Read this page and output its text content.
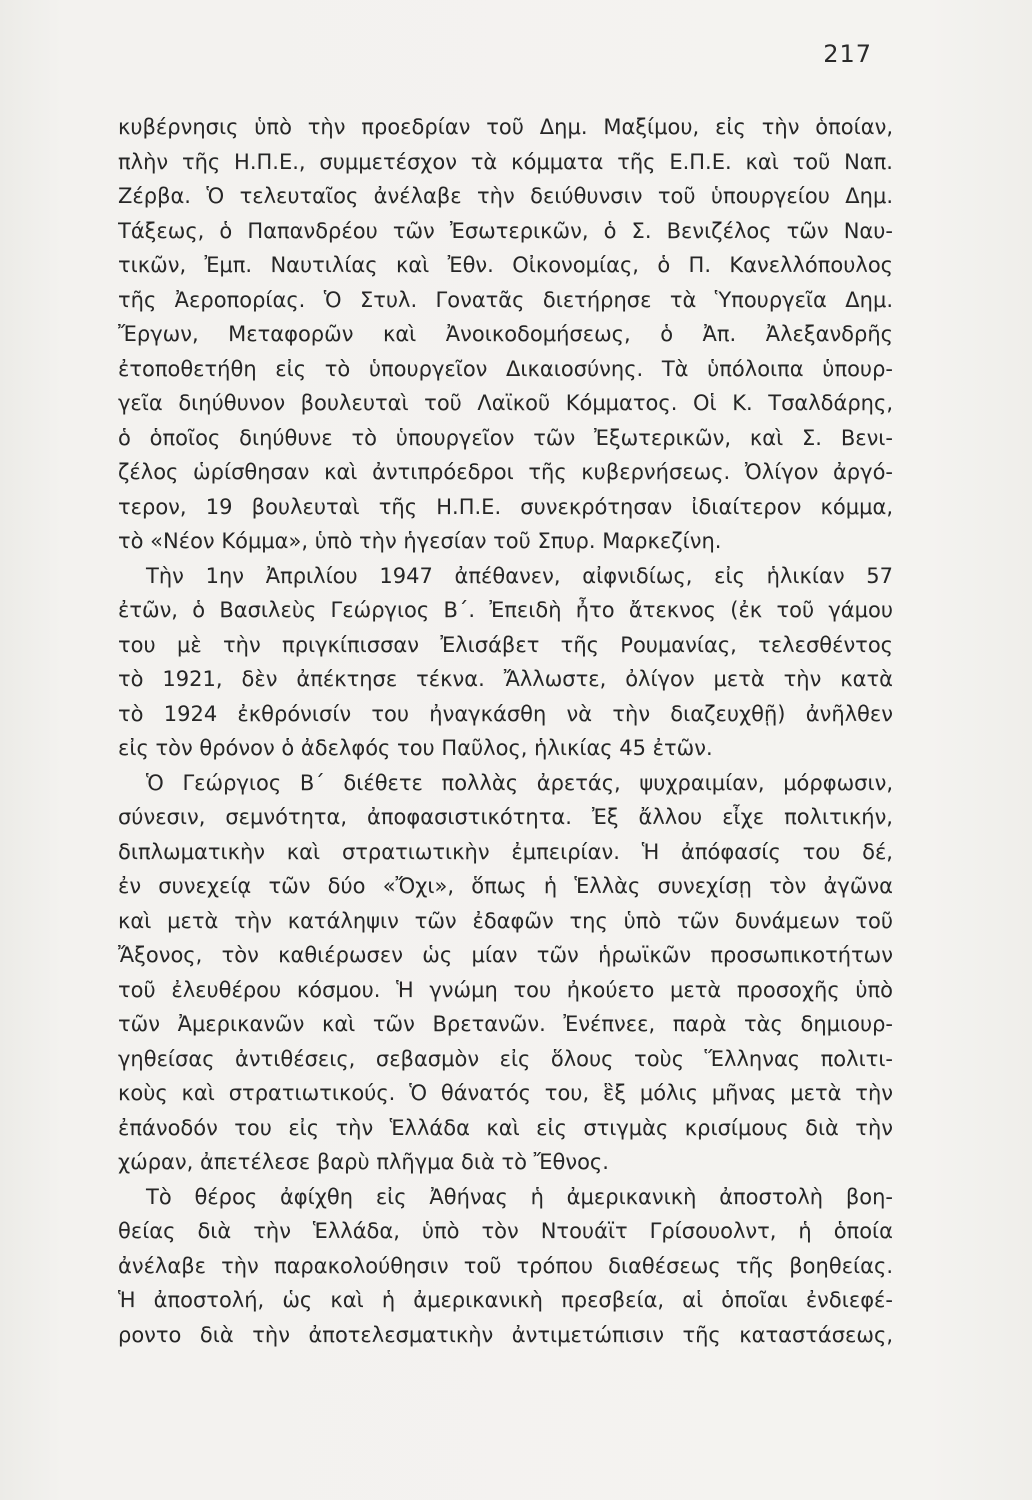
217
κυβέρνησις ὑπὸ τὴν προεδρίαν τοῦ Δημ. Μαξίμου, εἰς τὴν ὁποίαν,
πλὴν τῆς Η.Π.Ε., συμμετέσχον τὰ κόμματα τῆς Ε.Π.Ε. καὶ τοῦ Ναπ.
Ζέρβα. Ὁ τελευταῖος ἀνέλαβε τὴν δειύθυνσιν τοῦ ὑπουργείου Δημ.
Τάξεως, ὁ Παπανδρέου τῶν Ἐσωτερικῶν, ὁ Σ. Βενιζέλος τῶν Ναυ-
τικῶν, Ἐμπ. Ναυτιλίας καὶ Ἐθν. Οἰκονομίας, ὁ Π. Κανελλόπουλος
τῆς Ἀεροπορίας. Ὁ Στυλ. Γονατᾶς διετήρησε τὰ Ὑπουργεῖα Δημ.
Ἔργων, Μεταφορῶν καὶ Ἀνοικοδομήσεως, ὁ Ἀπ. Ἀλεξανδρῆς
ἐτοποθετήθη εἰς τὸ ὑπουργεῖον Δικαιοσύνης. Τὰ ὑπόλοιπα ὑπουρ-
γεῖα διηύθυνον βουλευταὶ τοῦ Λαϊκοῦ Κόμματος. Οἱ Κ. Τσαλδάρης,
ὁ ὁποῖος διηύθυνε τὸ ὑπουργεῖον τῶν Ἐξωτερικῶν, καὶ Σ. Βενι-
ζέλος ὡρίσθησαν καὶ ἀντιπρόεδροι τῆς κυβερνήσεως. Ὀλίγον ἀργό-
τερον, 19 βουλευταὶ τῆς Η.Π.Ε. συνεκρότησαν ἰδιαίτερον κόμμα,
τὸ «Νέον Κόμμα», ὑπὸ τὴν ἡγεσίαν τοῦ Σπυρ. Μαρκεζίνη.
Τὴν 1ην Ἀπριλίου 1947 ἀπέθανεν, αἰφνιδίως, εἰς ἡλικίαν 57
ἐτῶν, ὁ Βασιλεὺς Γεώργιος Β΄. Ἐπειδὴ ἦτο ἄτεκνος (ἐκ τοῦ γάμου
του μὲ τὴν πριγκίπισσαν Ἐλισάβετ τῆς Ρουμανίας, τελεσθέντος
τὸ 1921, δὲν ἀπέκτησε τέκνα. Ἄλλωστε, ὀλίγον μετὰ τὴν κατὰ
τὸ 1924 ἐκθρόνισίν του ἠναγκάσθη νὰ τὴν διαζευχθῇ) ἀνῆλθεν
εἰς τὸν θρόνον ὁ ἀδελφός του Παῦλος, ἡλικίας 45 ἐτῶν.
Ὁ Γεώργιος Β΄ διέθετε πολλὰς ἀρετάς, ψυχραιμίαν, μόρφωσιν,
σύνεσιν, σεμνότητα, ἀποφασιστικότητα. Ἐξ ἄλλου εἶχε πολιτικήν,
διπλωματικὴν καὶ στρατιωτικὴν ἐμπειρίαν. Ἡ ἀπόφασίς του δέ,
ἐν συνεχείᾳ τῶν δύο «Ὄχι», ὅπως ἡ Ἑλλὰς συνεχίσῃ τὸν ἀγῶνα
καὶ μετὰ τὴν κατάληψιν τῶν ἐδαφῶν της ὑπὸ τῶν δυνάμεων τοῦ
Ἄξονος, τὸν καθιέρωσεν ὡς μίαν τῶν ἡρωϊκῶν προσωπικοτήτων
τοῦ ἐλευθέρου κόσμου. Ἡ γνώμη του ἠκούετο μετὰ προσοχῆς ὑπὸ
τῶν Ἀμερικανῶν καὶ τῶν Βρετανῶν. Ἐνέπνεε, παρὰ τὰς δημιουρ-
γηθείσας ἀντιθέσεις, σεβασμὸν εἰς ὅλους τοὺς Ἕλληνας πολιτι-
κοὺς καὶ στρατιωτικούς. Ὁ θάνατός του, ἓξ μόλις μῆνας μετὰ τὴν
ἐπάνοδόν του εἰς τὴν Ἑλλάδα καὶ εἰς στιγμὰς κρισίμους διὰ τὴν
χώραν, ἀπετέλεσε βαρὺ πλῆγμα διὰ τὸ Ἔθνος.
Τὸ θέρος ἀφίχθη εἰς Ἀθήνας ἡ ἀμερικανικὴ ἀποστολὴ βοη-
θείας διὰ τὴν Ἑλλάδα, ὑπὸ τὸν Ντουάϊτ Γρίσουολντ, ἡ ὁποία
ἀνέλαβε τὴν παρακολούθησιν τοῦ τρόπου διαθέσεως τῆς βοηθείας.
Ἡ ἀποστολή, ὡς καὶ ἡ ἀμερικανικὴ πρεσβεία, αἱ ὁποῖαι ἐνδιεφέ-
ροντο διὰ τὴν ἀποτελεσματικὴν ἀντιμετώπισιν τῆς καταστάσεως,
